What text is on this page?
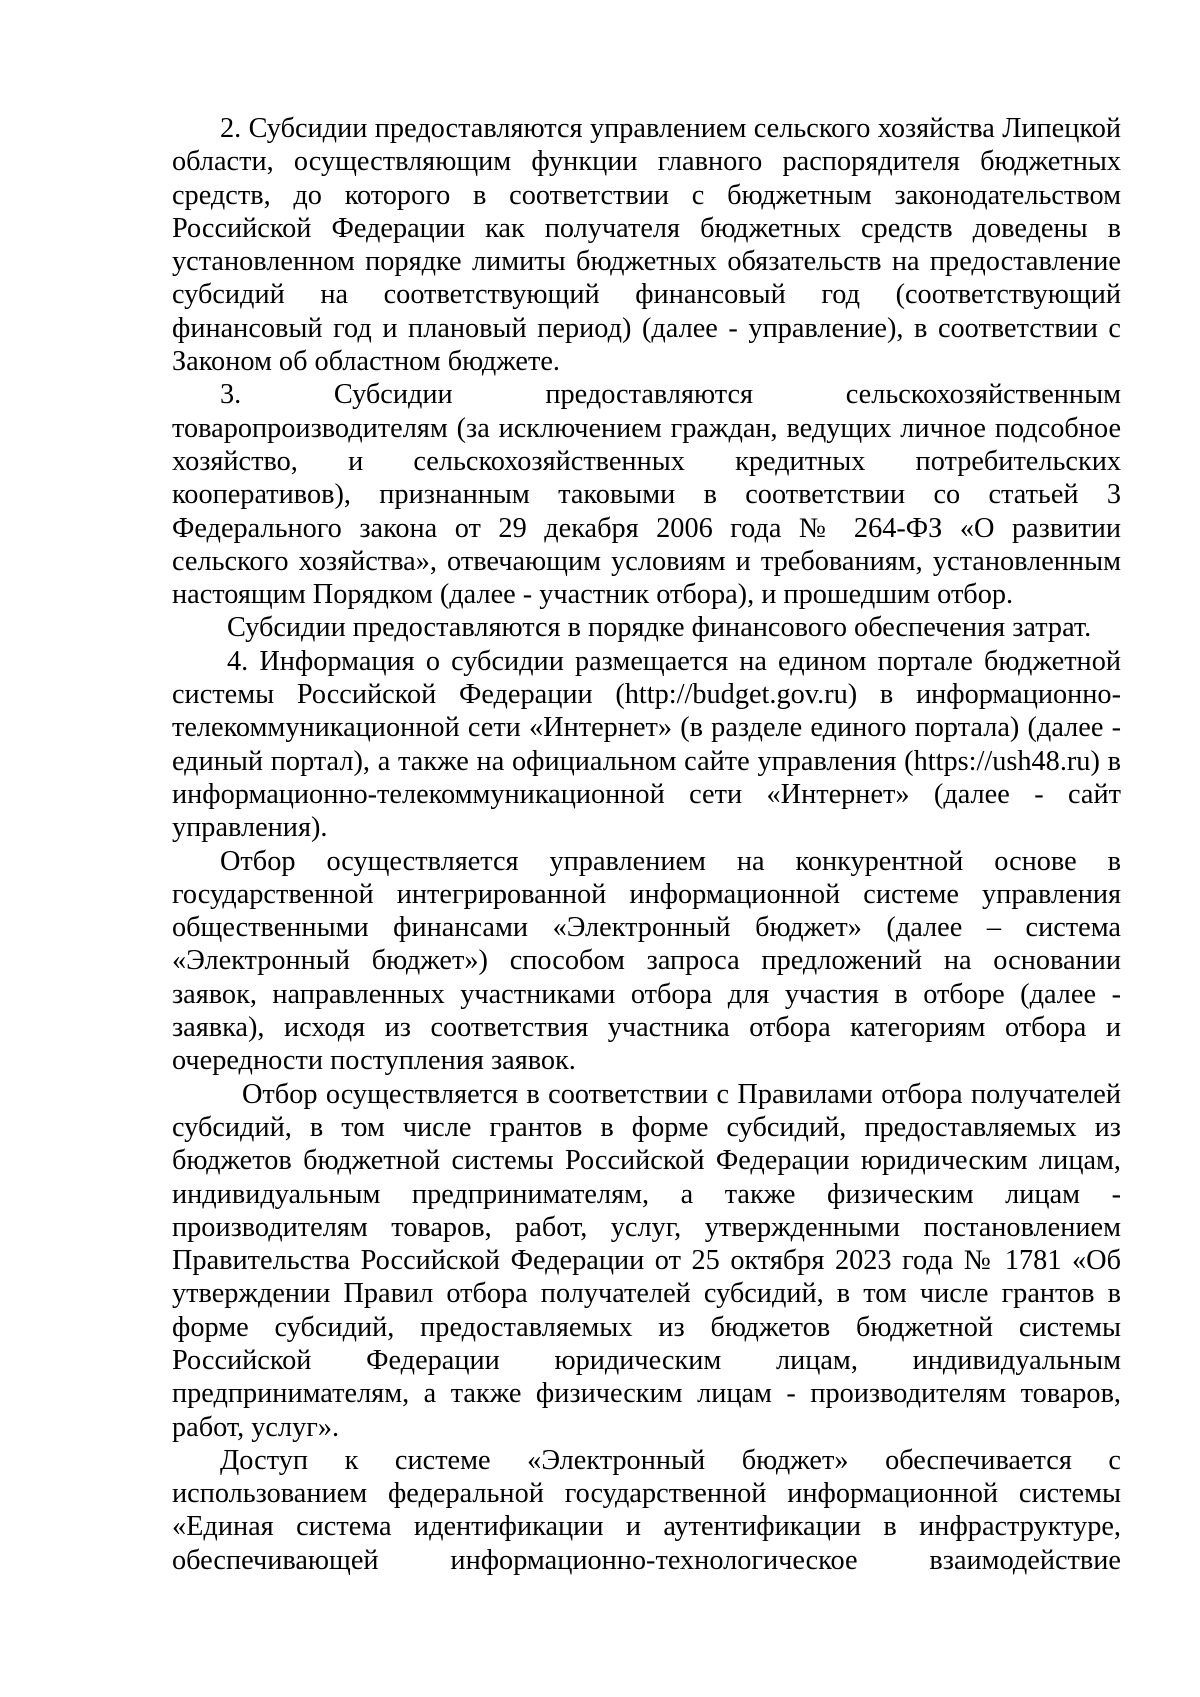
2. Субсидии предоставляются управлением сельского хозяйства Липецкой области, осуществляющим функции главного распорядителя бюджетных средств, до которого в соответствии с бюджетным законодательством Российской Федерации как получателя бюджетных средств доведены в установленном порядке лимиты бюджетных обязательств на предоставление субсидий на соответствующий финансовый год (соответствующий финансовый год и плановый период) (далее - управление), в соответствии с Законом об областном бюджете.

3. Субсидии предоставляются сельскохозяйственным товаропроизводителям (за исключением граждан, ведущих личное подсобное хозяйство, и сельскохозяйственных кредитных потребительских кооперативов), признанным таковыми в соответствии со статьей 3 Федерального закона от 29 декабря 2006 года № 264-ФЗ «О развитии сельского хозяйства», отвечающим условиям и требованиям, установленным настоящим Порядком (далее - участник отбора), и прошедшим отбор.

Субсидии предоставляются в порядке финансового обеспечения затрат.

4. Информация о субсидии размещается на едином портале бюджетной системы Российской Федерации (http://budget.gov.ru) в информационно-телекоммуникационной сети «Интернет» (в разделе единого портала) (далее - единый портал), а также на официальном сайте управления (https://ush48.ru) в информационно-телекоммуникационной сети «Интернет» (далее - сайт управления).

Отбор осуществляется управлением на конкурентной основе в государственной интегрированной информационной системе управления общественными финансами «Электронный бюджет» (далее – система «Электронный бюджет») способом запроса предложений на основании заявок, направленных участниками отбора для участия в отборе (далее - заявка), исходя из соответствия участника отбора категориям отбора и очередности поступления заявок.

Отбор осуществляется в соответствии с Правилами отбора получателей субсидий, в том числе грантов в форме субсидий, предоставляемых из бюджетов бюджетной системы Российской Федерации юридическим лицам, индивидуальным предпринимателям, а также физическим лицам - производителям товаров, работ, услуг, утвержденными постановлением Правительства Российской Федерации от 25 октября 2023 года № 1781 «Об утверждении Правил отбора получателей субсидий, в том числе грантов в форме субсидий, предоставляемых из бюджетов бюджетной системы Российской Федерации юридическим лицам, индивидуальным предпринимателям, а также физическим лицам - производителям товаров, работ, услуг».

Доступ к системе «Электронный бюджет» обеспечивается с использованием федеральной государственной информационной системы «Единая система идентификации и аутентификации в инфраструктуре, обеспечивающей информационно-технологическое взаимодействие
